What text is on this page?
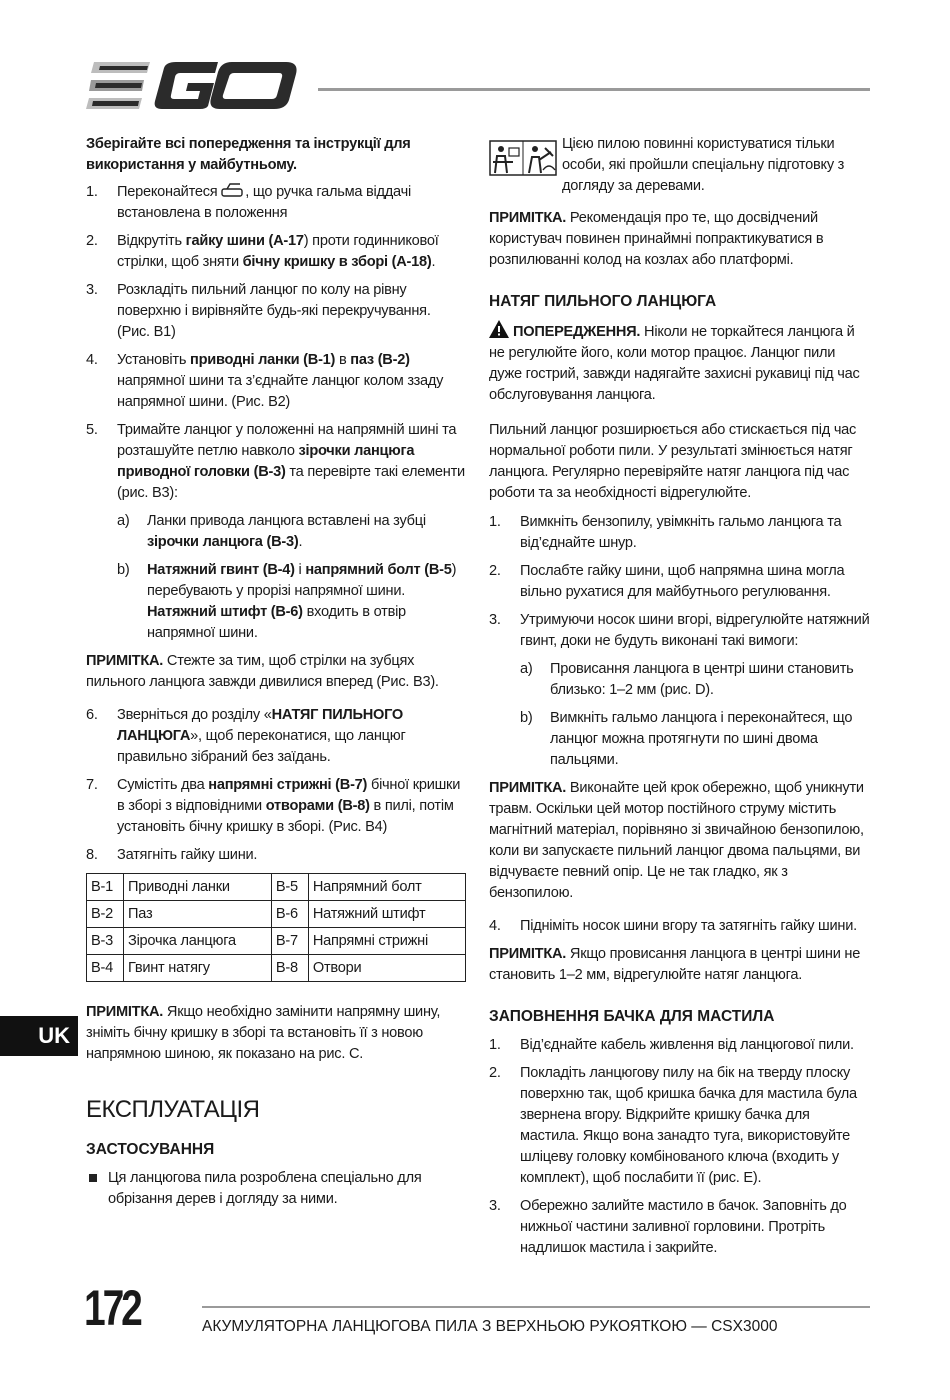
Зберігайте всі попередження та інструкції для використання у майбутньому.

1.	Переконайтеся , що ручка гальма віддачі встановлена в положення
2.	Відкрутіть гайку шини (A-17) проти годинникової стрілки, щоб зняти бічну кришку в зборі (A-18).
3.	Розкладіть пильний ланцюг по колу на рівну поверхню і вирівняйте будь-які перекручування. (Рис. B1)
4.	Установіть приводні ланки (B-1) в паз (B-2) напрямної шини та з’єднайте ланцюг колом ззаду напрямної шини. (Рис. B2)
5.	Тримайте ланцюг у положенні на напрямній шині та розташуйте петлю навколо зірочки ланцюга приводної головки (B-3) та перевірте такі елементи (рис. B3):
a)	Ланки привода ланцюга вставлені на зубці зірочки ланцюга (B-3).
b)	Натяжний гвинт (B-4) і напрямний болт (B-5) перебувають у прорізі напрямної шини. Натяжний штифт (B-6) входить в отвір напрямної шини.

ПРИМІТКА. Стежте за тим, щоб стрілки на зубцях пильного ланцюга завжди дивилися вперед (Рис. B3).

6.	Зверніться до розділу «НАТЯГ ПИЛЬНОГО ЛАНЦЮГА», щоб переконатися, що ланцюг правильно зібраний без заїдань.
7.	Сумістіть два напрямні стрижні (B-7) бічної кришки в зборі з відповідними отворами (B-8) в пилі, потім установіть бічну кришку в зборі. (Рис. B4)
8.	Затягніть гайку шини.
B-1	Приводні ланки	B-5	Напрямний болт
B-2	Паз	B-6	Натяжний штифт
B-3	Зірочка ланцюга	B-7	Напрямні стрижні
B-4	Гвинт натягу	B-8	Отвори

ПРИМІТКА. Якщо необхідно замінити напрямну шину, зніміть бічну кришку в зборі та встановіть її з новою напрямною шиною, як показано на рис. C.

ЕКСПЛУАТАЦІЯ
ЗАСТОСУВАННЯ
Ця ланцюгова пила розроблена спеціально для обрізання дерев і догляду за ними.
Цією пилою повинні користуватися тільки особи, які пройшли спеціальну підготовку з догляду за деревами.

ПРИМІТКА. Рекомендація про те, що досвідчений користувач повинен принаймні попрактикуватися в розпилюванні колод на козлах або платформі.

НАТЯГ ПИЛЬНОГО ЛАНЦЮГА

ПОПЕРЕДЖЕННЯ. Ніколи не торкайтеся ланцюга й не регулюйте його, коли мотор працює. Ланцюг пили дуже гострий, завжди надягайте захисні рукавиці під час обслуговування ланцюга.

Пильний ланцюг розширюється або стискається під час нормальної роботи пили. У результаті змінюється натяг ланцюга. Регулярно перевіряйте натяг ланцюга під час роботи та за необхідності відрегулюйте.

1.	Вимкніть бензопилу, увімкніть гальмо ланцюга та від’єднайте шнур.
2.	Послабте гайку шини, щоб напрямна шина могла вільно рухатися для майбутнього регулювання.
3.	Утримуючи носок шини вгорі, відрегулюйте натяжний гвинт, доки не будуть виконані такі вимоги:
a)	Провисання ланцюга в центрі шини становить близько: 1–2 мм (рис. D).
b)	Вимкніть гальмо ланцюга і переконайтеся, що ланцюг можна протягнути по шині двома пальцями.

ПРИМІТКА. Виконайте цей крок обережно, щоб уникнути травм. Оскільки цей мотор постійного струму містить магнітний матеріал, порівняно зі звичайною бензопилою, коли ви запускаєте пильний ланцюг двома пальцями, ви відчуваєте певний опір. Це не так гладко, як з бензопилою.

4.	Підніміть носок шини вгору та затягніть гайку шини.

ПРИМІТКА. Якщо провисання ланцюга в центрі шини не становить 1–2 мм, відрегулюйте натяг ланцюга.

ЗАПОВНЕННЯ БАЧКА ДЛЯ МАСТИЛА
1.	Від’єднайте кабель живлення від ланцюгової пили.
2.	Покладіть ланцюгову пилу на бік на тверду плоску поверхню так, щоб кришка бачка для мастила була звернена вгору. Відкрийте кришку бачка для мастила. Якщо вона занадто туга, використовуйте шліцеву головку комбінованого ключа (входить у комплект), щоб послабити її (рис. E).
3.	Обережно залийте мастило в бачок. Заповніть до нижньої частини заливної горловини. Протріть надлишок мастила і закрийте.
UK
172	АКУМУЛЯТОРНА ЛАНЦЮГОВА ПИЛА З ВЕРХНЬОЮ РУКОЯТКОЮ — CSX3000
